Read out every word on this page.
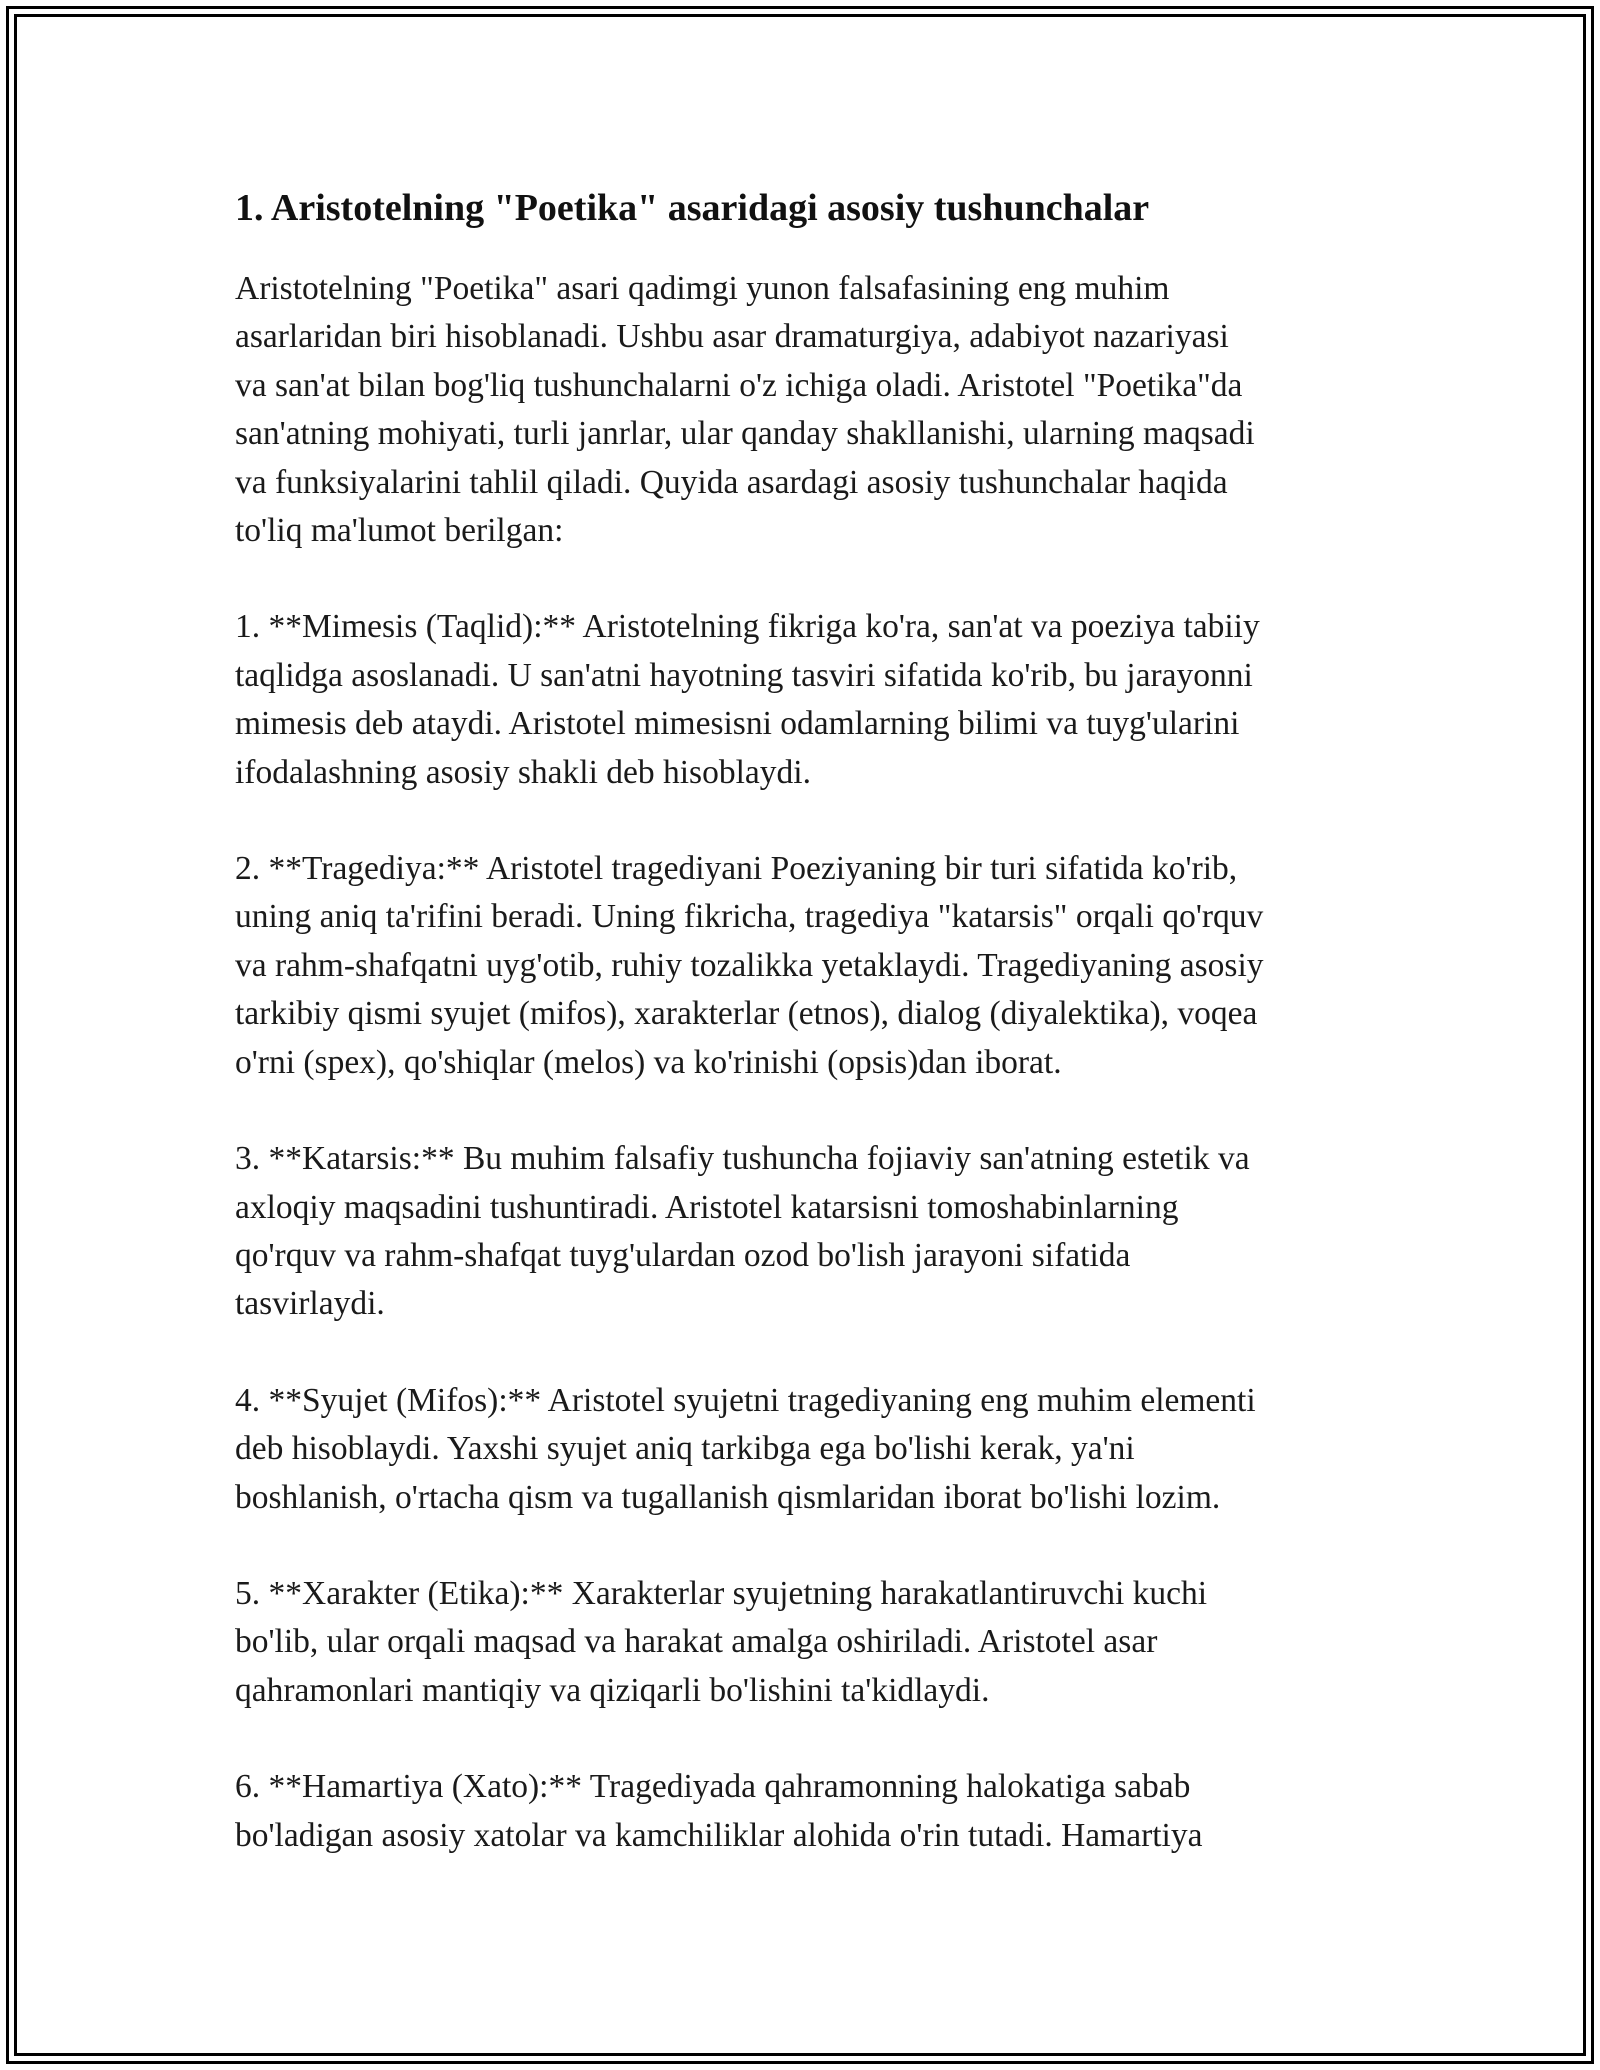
1. Aristotelning "Poetika" asaridagi asosiy tushunchalar
Aristotelning "Poetika" asari qadimgi yunon falsafasining eng muhim
asarlaridan biri hisoblanadi. Ushbu asar dramaturgiya, adabiyot nazariyasi
va san'at bilan bog'liq tushunchalarni o'z ichiga oladi. Aristotel "Poetika"da
san'atning mohiyati, turli janrlar, ular qanday shakllanishi, ularning maqsadi
va funksiyalarini tahlil qiladi. Quyida asardagi asosiy tushunchalar haqida
to'liq ma'lumot berilgan:
1. **Mimesis (Taqlid):** Aristotelning fikriga ko'ra, san'at va poeziya tabiiy
taqlidga asoslanadi. U san'atni hayotning tasviri sifatida ko'rib, bu jarayonni
mimesis deb ataydi. Aristotel mimesisni odamlarning bilimi va tuyg'ularini
ifodalashning asosiy shakli deb hisoblaydi.
2. **Tragediya:** Aristotel tragediyani Poeziyaning bir turi sifatida ko'rib,
uning aniq ta'rifini beradi. Uning fikricha, tragediya "katarsis" orqali qo'rquv
va rahm-shafqatni uyg'otib, ruhiy tozalikka yetaklaydi. Tragediyaning asosiy
tarkibiy qismi syujet (mifos), xarakterlar (etnos), dialog (diyalektika), voqea
o'rni (spex), qo'shiqlar (melos) va ko'rinishi (opsis)dan iborat.
3. **Katarsis:** Bu muhim falsafiy tushuncha fojiaviy san'atning estetik va
axloqiy maqsadini tushuntiradi. Aristotel katarsisni tomoshabinlarning
qo'rquv va rahm-shafqat tuyg'ulardan ozod bo'lish jarayoni sifatida
tasvirlaydi.
4. **Syujet (Mifos):** Aristotel syujetni tragediyaning eng muhim elementi
deb hisoblaydi. Yaxshi syujet aniq tarkibga ega bo'lishi kerak, ya'ni
boshlanish, o'rtacha qism va tugallanish qismlaridan iborat bo'lishi lozim.
5. **Xarakter (Etika):** Xarakterlar syujetning harakatlantiruvchi kuchi
bo'lib, ular orqali maqsad va harakat amalga oshiriladi. Aristotel asar
qahramonlari mantiqiy va qiziqarli bo'lishini ta'kidlaydi.
6. **Hamartiya (Xato):** Tragediyada qahramonning halokatiga sabab
bo'ladigan asosiy xatolar va kamchiliklar alohida o'rin tutadi. Hamartiya
